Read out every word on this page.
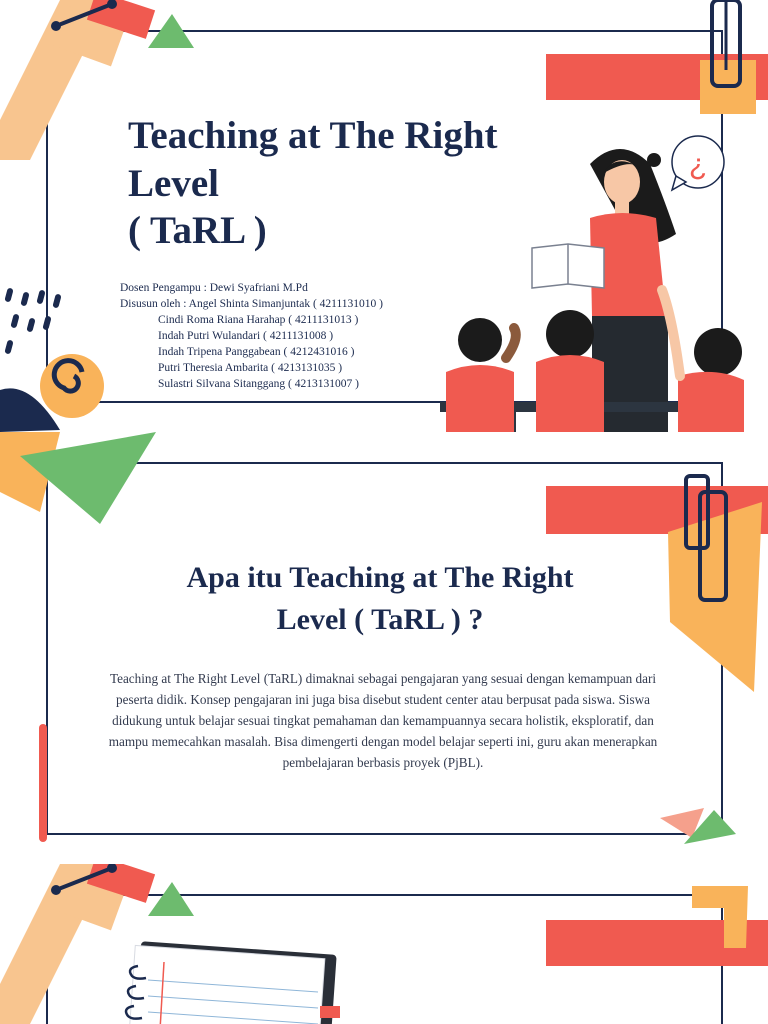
Teaching at The Right
Level
( TaRL )
Dosen Pengampu : Dewi Syafriani M.Pd
Disusun oleh : Angel Shinta Simanjuntak ( 4211131010 )
Cindi Roma Riana Harahap ( 4211131013 )
Indah Putri Wulandari ( 4211131008 )
Indah Tripena Panggabean ( 4212431016 )
Putri Theresia Ambarita ( 4213131035 )
Sulastri Silvana Sitanggang ( 4213131007 )
¿
Apa itu Teaching at The Right
Level ( TaRL ) ?

Teaching at The Right Level (TaRL) dimaknai sebagai pengajaran yang sesuai dengan kemampuan dari peserta didik. Konsep pengajaran ini juga bisa disebut student center atau berpusat pada siswa. Siswa didukung untuk belajar sesuai tingkat pemahaman dan kemampuannya secara holistik, eksploratif, dan mampu memecahkan masalah. Bisa dimengerti dengan model belajar seperti ini, guru akan menerapkan pembelajaran berbasis proyek (PjBL).
